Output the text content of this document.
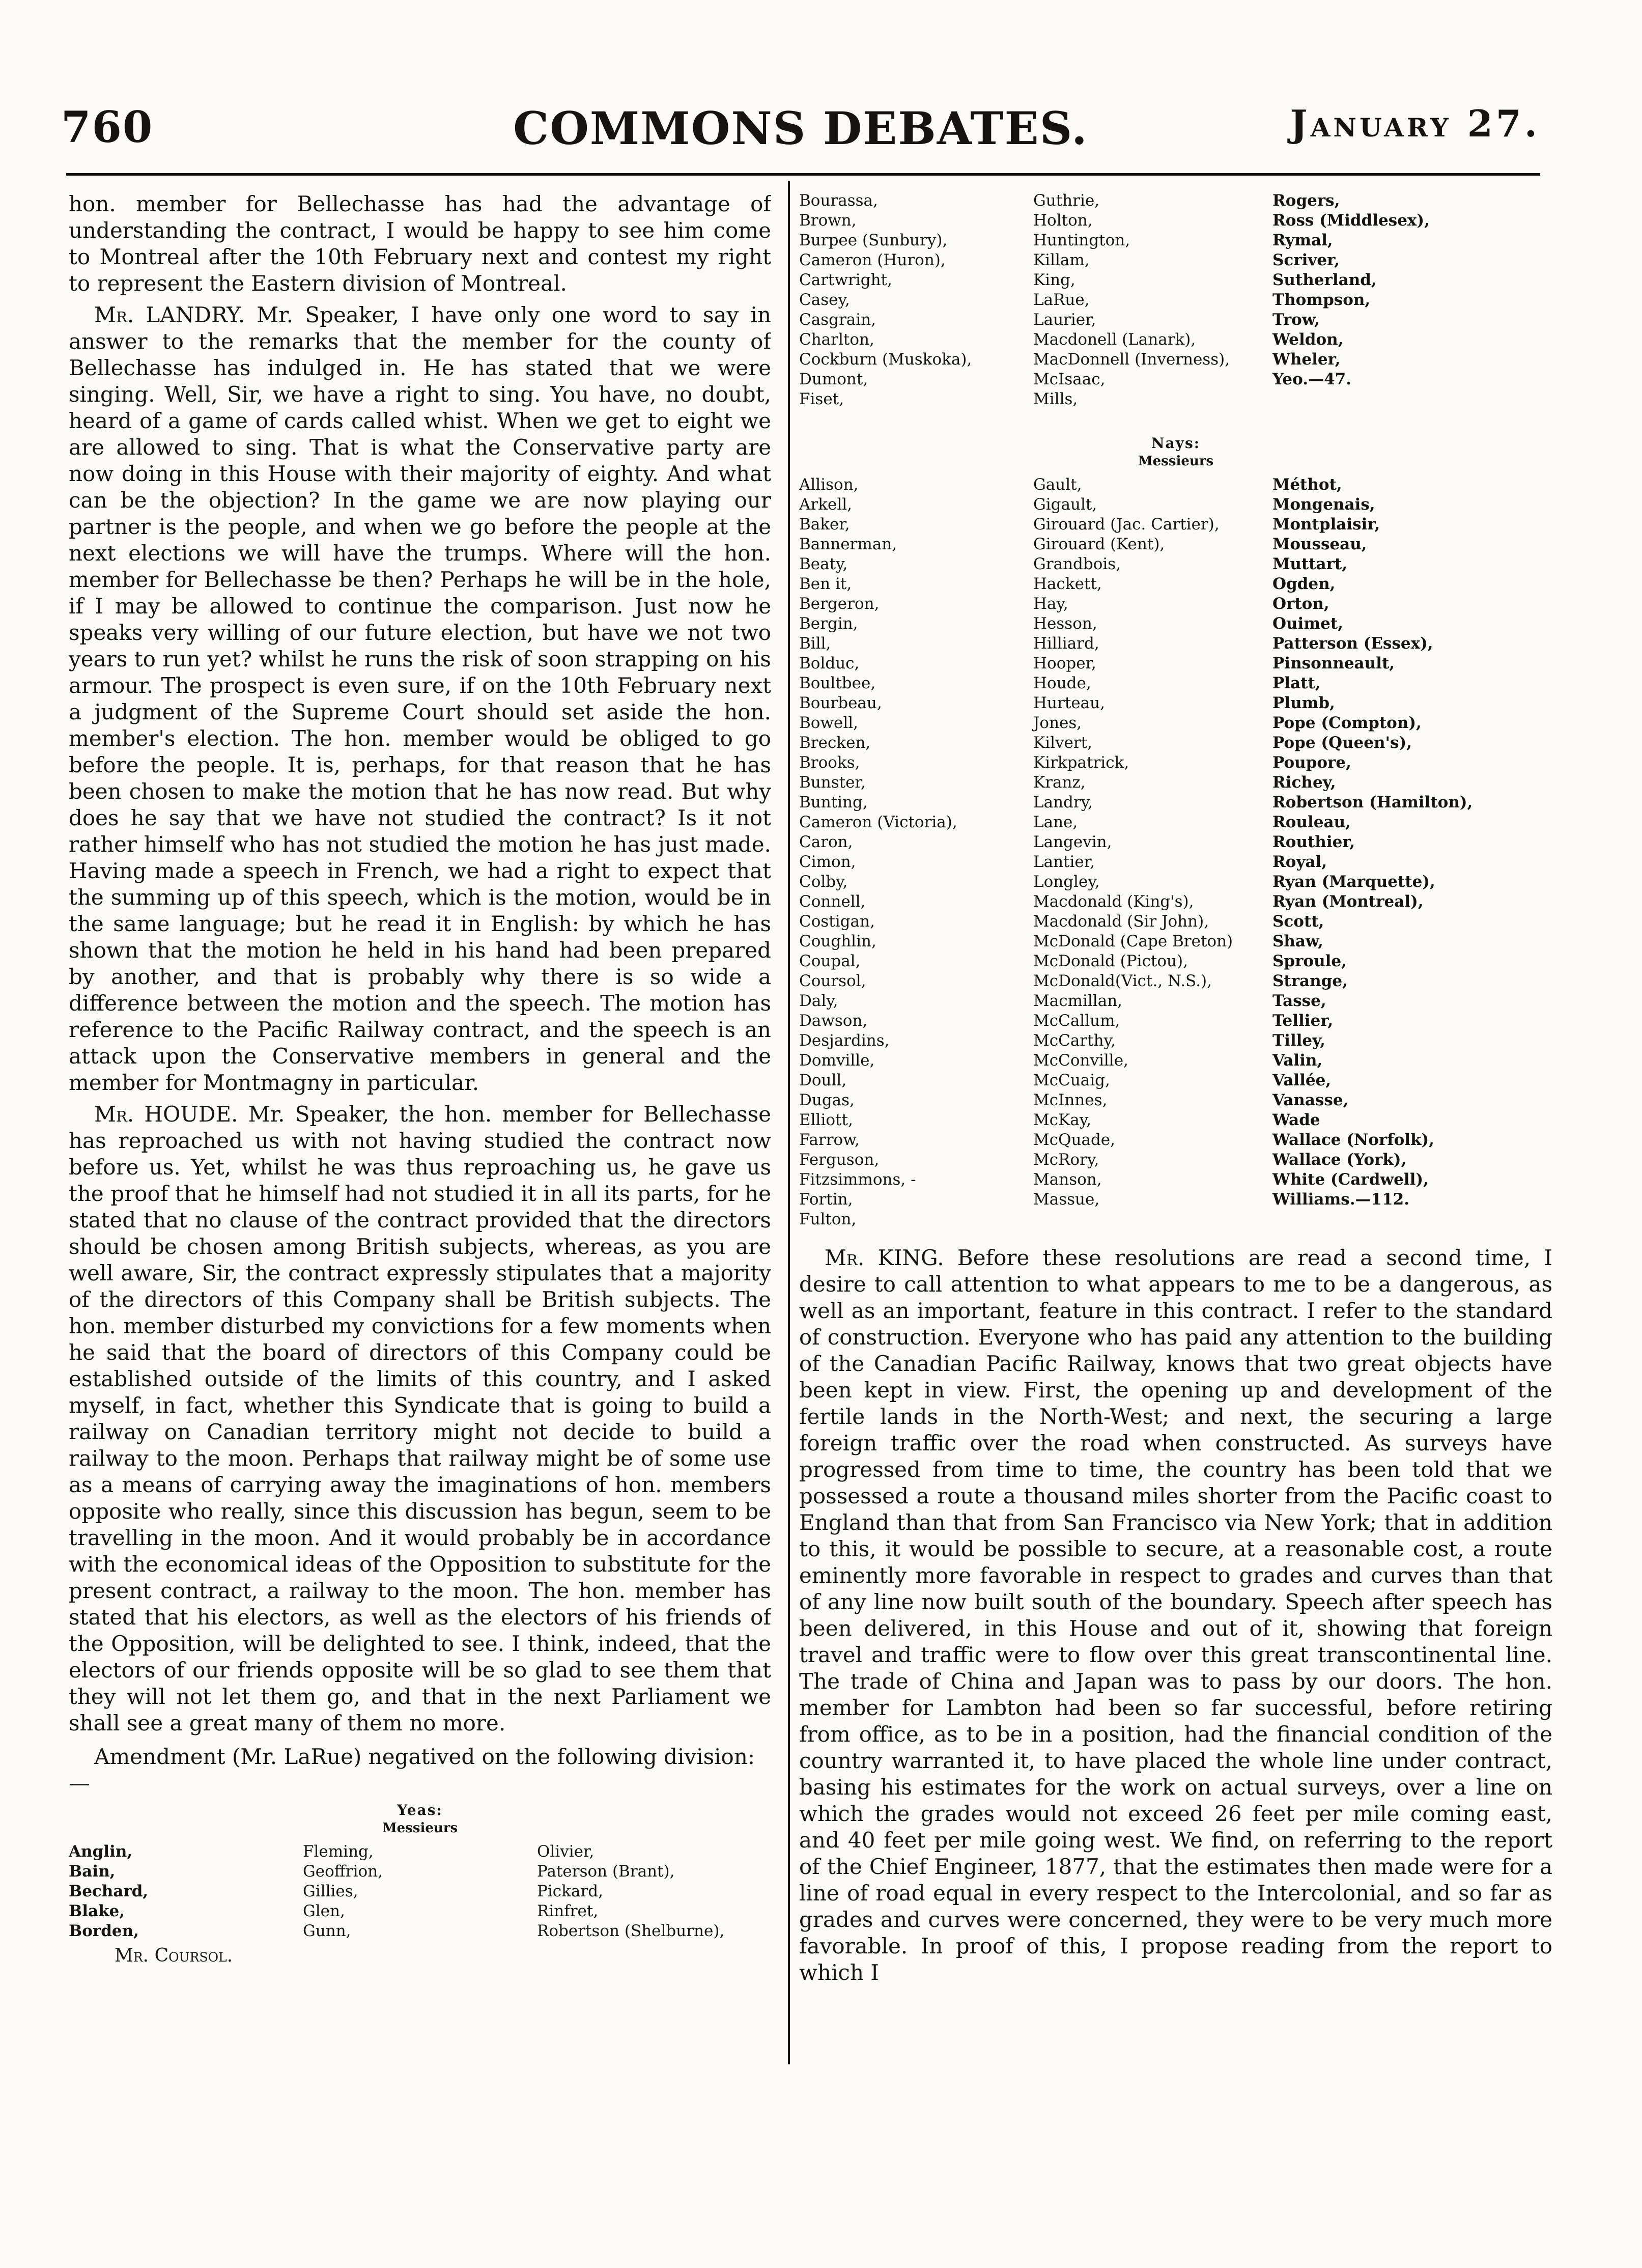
760	COMMONS DEBATES.	January 27.

hon. member for Bellechasse has had the advantage of understanding the contract, I would be happy to see him come to Montreal after the 10th February next and contest my right to represent the Eastern division of Montreal.

Mr. LANDRY. Mr. Speaker, I have only one word to say in answer to the remarks that the member for the county of Bellechasse has indulged in. He has stated that we were singing. Well, Sir, we have a right to sing. You have, no doubt, heard of a game of cards called whist. When we get to eight we are allowed to sing. That is what the Conservative party are now doing in this House with their majority of eighty. And what can be the objection? In the game we are now playing our partner is the people, and when we go before the people at the next elections we will have the trumps. Where will the hon. member for Bellechasse be then? Perhaps he will be in the hole, if I may be allowed to continue the comparison. Just now he speaks very willing of our future election, but have we not two years to run yet? whilst he runs the risk of soon strapping on his armour. The prospect is even sure, if on the 10th February next a judgment of the Supreme Court should set aside the hon. member's election. The hon. member would be obliged to go before the people. It is, perhaps, for that reason that he has been chosen to make the motion that he has now read. But why does he say that we have not studied the contract? Is it not rather himself who has not studied the motion he has just made. Having made a speech in French, we had a right to expect that the summing up of this speech, which is the motion, would be in the same language; but he read it in English: by which he has shown that the motion he held in his hand had been prepared by another, and that is probably why there is so wide a difference between the motion and the speech. The motion has reference to the Pacific Railway contract, and the speech is an attack upon the Conservative members in general and the member for Montmagny in particular.

Mr. HOUDE. Mr. Speaker, the hon. member for Bellechasse has reproached us with not having studied the contract now before us. Yet, whilst he was thus reproaching us, he gave us the proof that he himself had not studied it in all its parts, for he stated that no clause of the contract provided that the directors should be chosen among British subjects, whereas, as you are well aware, Sir, the contract expressly stipulates that a majority of the directors of this Company shall be British subjects. The hon. member disturbed my convictions for a few moments when he said that the board of directors of this Company could be established outside of the limits of this country, and I asked myself, in fact, whether this Syndicate that is going to build a railway on Canadian territory might not decide to build a railway to the moon. Perhaps that railway might be of some use as a means of carrying away the imaginations of hon. members opposite who really, since this discussion has begun, seem to be travelling in the moon. And it would probably be in accordance with the economical ideas of the Opposition to substitute for the present contract, a railway to the moon. The hon. member has stated that his electors, as well as the electors of his friends of the Opposition, will be delighted to see. I think, indeed, that the electors of our friends opposite will be so glad to see them that they will not let them go, and that in the next Parliament we shall see a great many of them no more.

Amendment (Mr. LaRue) negatived on the following division:—

Yeas:
Messieurs
Anglin,
Bain,
Bechard,
Blake,
Borden,
Fleming,
Geoffrion,
Gillies,
Glen,
Gunn,
Olivier,
Paterson (Brant),
Pickard,
Rinfret,
Robertson (Shelburne),
Mr. Coursol.
Bourassa,
Brown,
Burpee (Sunbury),
Cameron (Huron),
Cartwright,
Casey,
Casgrain,
Charlton,
Cockburn (Muskoka),
Dumont,
Fiset,
Guthrie,
Holton,
Huntington,
Killam,
King,
LaRue,
Laurier,
Macdonell (Lanark),
MacDonnell (Inverness),
McIsaac,
Mills,
Rogers,
Ross (Middlesex),
Rymal,
Scriver,
Sutherland,
Thompson,
Trow,
Weldon,
Wheler,
Yeo.—47.

Nays:
Messieurs
Allison,
Arkell,
Baker,
Bannerman,
Beaty,
Ben it,
Bergeron,
Bergin,
Bill,
Bolduc,
Boultbee,
Bourbeau,
Bowell,
Brecken,
Brooks,
Bunster,
Bunting,
Cameron (Victoria),
Caron,
Cimon,
Colby,
Connell,
Costigan,
Coughlin,
Coupal,
Coursol,
Daly,
Dawson,
Desjardins,
Domville,
Doull,
Dugas,
Elliott,
Farrow,
Ferguson,
Fitzsimmons, -
Fortin,
Fulton,
Gault,
Gigault,
Girouard (Jac. Cartier),
Girouard (Kent),
Grandbois,
Hackett,
Hay,
Hesson,
Hilliard,
Hooper,
Houde,
Hurteau,
Jones,
Kilvert,
Kirkpatrick,
Kranz,
Landry,
Lane,
Langevin,
Lantier,
Longley,
Macdonald (King's),
Macdonald (Sir John),
McDonald (Cape Breton)
McDonald (Pictou),
McDonald(Vict., N.S.),
Macmillan,
McCallum,
McCarthy,
McConville,
McCuaig,
McInnes,
McKay,
McQuade,
McRory,
Manson,
Massue,

Méthot,
Mongenais,
Montplaisir,
Mousseau,
Muttart,
Ogden,
Orton,
Ouimet,
Patterson (Essex),
Pinsonneault,
Platt,
Plumb,
Pope (Compton),
Pope (Queen's),
Poupore,
Richey,
Robertson (Hamilton),
Rouleau,
Routhier,
Royal,
Ryan (Marquette),
Ryan (Montreal),
Scott,
Shaw,
Sproule,
Strange,
Tasse,
Tellier,
Tilley,
Valin,
Vallée,
Vanasse,
Wade
Wallace (Norfolk),
Wallace (York),
White (Cardwell),
Williams.—112.

Mr. KING. Before these resolutions are read a second time, I desire to call attention to what appears to me to be a dangerous, as well as an important, feature in this contract. I refer to the standard of construction. Everyone who has paid any attention to the building of the Canadian Pacific Railway, knows that two great objects have been kept in view. First, the opening up and development of the fertile lands in the North-West; and next, the securing a large foreign traffic over the road when constructed. As surveys have progressed from time to time, the country has been told that we possessed a route a thousand miles shorter from the Pacific coast to England than that from San Francisco via New York; that in addition to this, it would be possible to secure, at a reasonable cost, a route eminently more favorable in respect to grades and curves than that of any line now built south of the boundary. Speech after speech has been delivered, in this House and out of it, showing that foreign travel and traffic were to flow over this great transcontinental line. The trade of China and Japan was to pass by our doors. The hon. member for Lambton had been so far successful, before retiring from office, as to be in a position, had the financial condition of the country warranted it, to have placed the whole line under contract, basing his estimates for the work on actual surveys, over a line on which the grades would not exceed 26 feet per mile coming east, and 40 feet per mile going west. We find, on referring to the report of the Chief Engineer, 1877, that the estimates then made were for a line of road equal in every respect to the Intercolonial, and so far as grades and curves were concerned, they were to be very much more favorable. In proof of this, I propose reading from the report to which I
